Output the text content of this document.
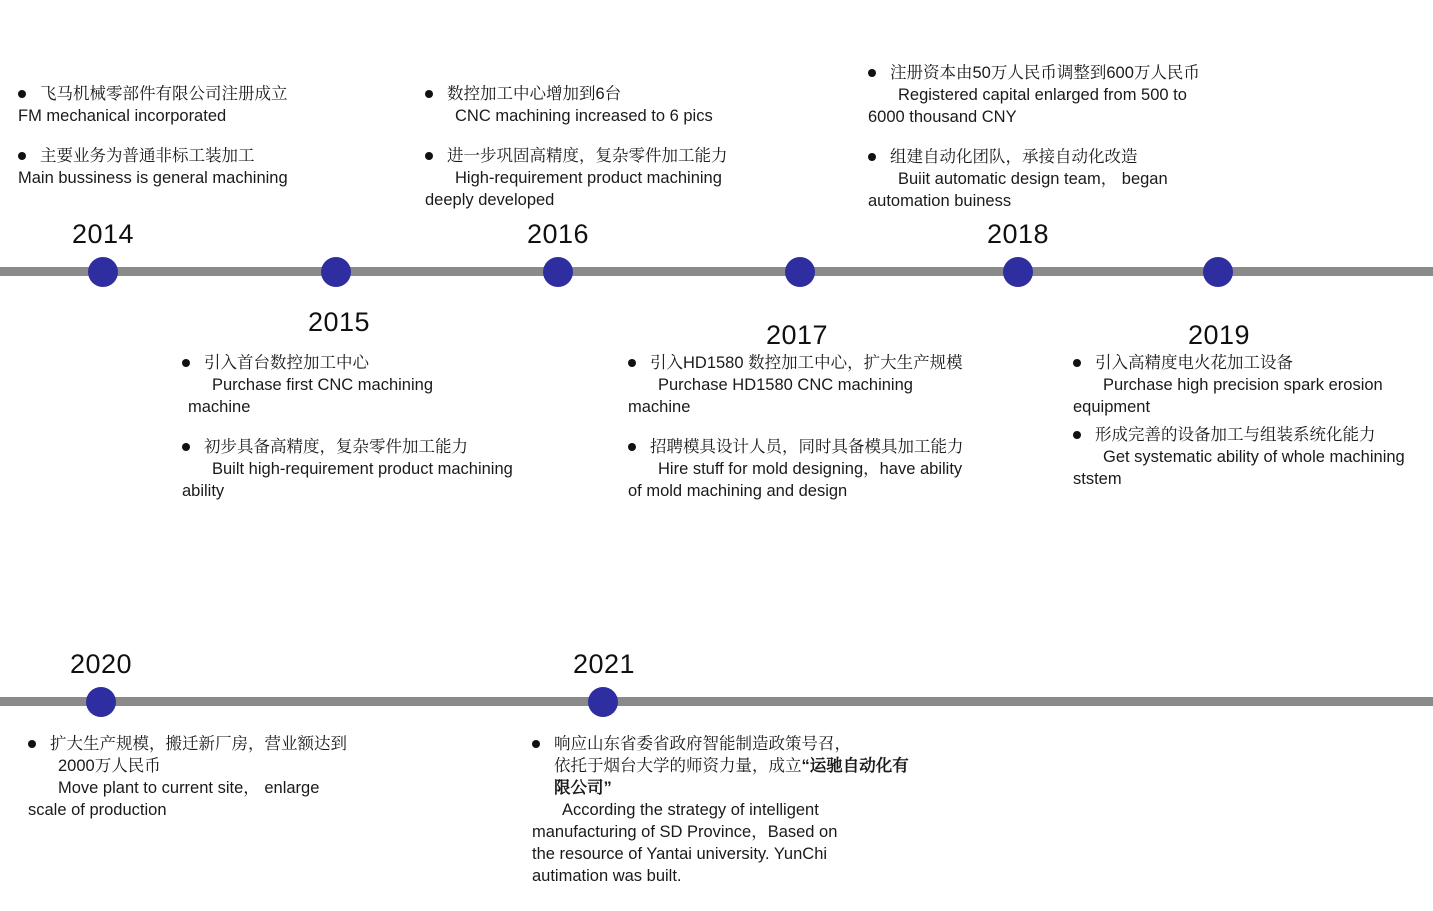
2014
2015
2016
2017
2018
2019
2020	2021
飞马机械零部件有限公司注册成立
FM mechanical incorporated
主要业务为普通非标工装加工
Main bussiness is general machining
数控加工中心增加到6台
CNC machining increased to 6 pics
进一步巩固高精度，复杂零件加工能力
High-requirement product machining
deeply developed
注册资本由50万人民币调整到600万人民币
Registered capital enlarged from 500 to
6000 thousand CNY
组建自动化团队，承接自动化改造
Buiit automatic design team， began
automation buiness
引入首台数控加工中心
Purchase first CNC machining
machine
初步具备高精度，复杂零件加工能力
Built high-requirement product machining
ability
引入HD1580 数控加工中心，扩大生产规模
Purchase HD1580 CNC machining
machine
招聘模具设计人员，同时具备模具加工能力
Hire stuff for mold designing，have ability
of mold machining and design
引入高精度电火花加工设备
Purchase high precision spark erosion
equipment
形成完善的设备加工与组装系统化能力
Get systematic ability of whole machining
ststem
扩大生产规模，搬迁新厂房，营业额达到
2000万人民币
Move plant to current site， enlarge
scale of production
响应山东省委省政府智能制造政策号召，
依托于烟台大学的师资力量，成立“运驰自动化有限公司”
According the strategy of intelligent
manufacturing of SD Province，Based on
the resource of Yantai university. YunChi
autimation was built.
